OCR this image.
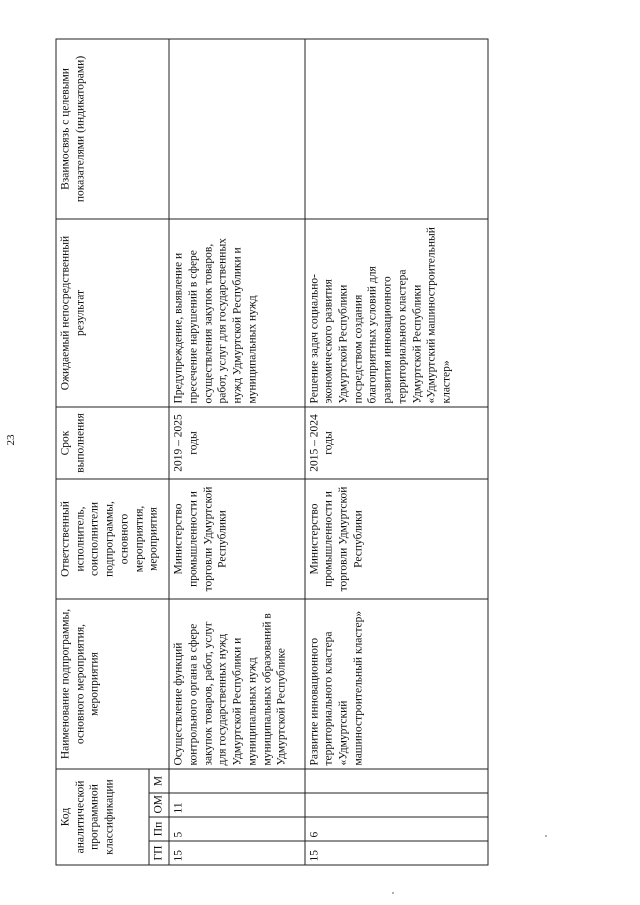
23
Код аналитической программной классификации				Наименование подпрограммы, основного мероприятия, мероприятия	Ответственный исполнитель, соисполнители подпрограммы, основного мероприятия, мероприятия	Срок выполнения	Ожидаемый непосредственный результат	Взаимосвязь с целевыми показателями (индикаторами)
ГП	Пп	ОМ	М					
15	5	11		Осуществление функций контрольного органа в сфере закупок товаров, работ, услуг для государственных нужд Удмуртской Республики и муниципальных нужд муниципальных образований в Удмуртской Республике	Министерство промышленности и торговли Удмуртской Республики	2019 – 2025 годы	Предупреждение, выявление и пресечение нарушений в сфере осуществления закупок товаров, работ, услуг для государственных нужд Удмуртской Республики и муниципальных нужд	
15	6			Развитие инновационного территориального кластера «Удмуртский машиностроительный кластер»	Министерство промышленности и торговли Удмуртской Республики	2015 – 2024 годы	Решение задач социально-экономического развития Удмуртской Республики посредством создания благоприятных условий для развития инновационного территориального кластера Удмуртской Республики «Удмуртский машиностроительный кластер»	
